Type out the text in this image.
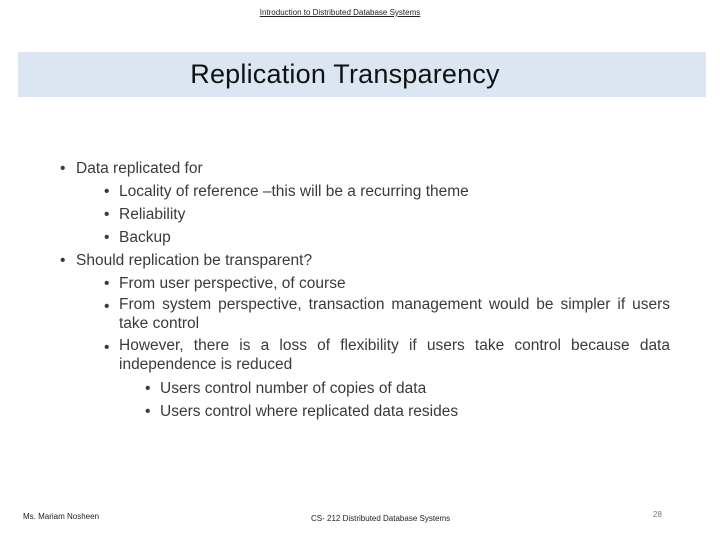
Introduction to Distributed Database Systems
Replication Transparency
• Data replicated for
• Locality of reference –this will be a recurring theme
• Reliability
• Backup
• Should replication be transparent?
• From user perspective, of course
• From system perspective, transaction management would be simpler if users take control
• However, there is a loss of flexibility if users take control because data independence is reduced
• Users control number of copies of data
• Users control where replicated data resides
Ms. Mariam Nosheen	CS- 212 Distributed Database Systems	28
